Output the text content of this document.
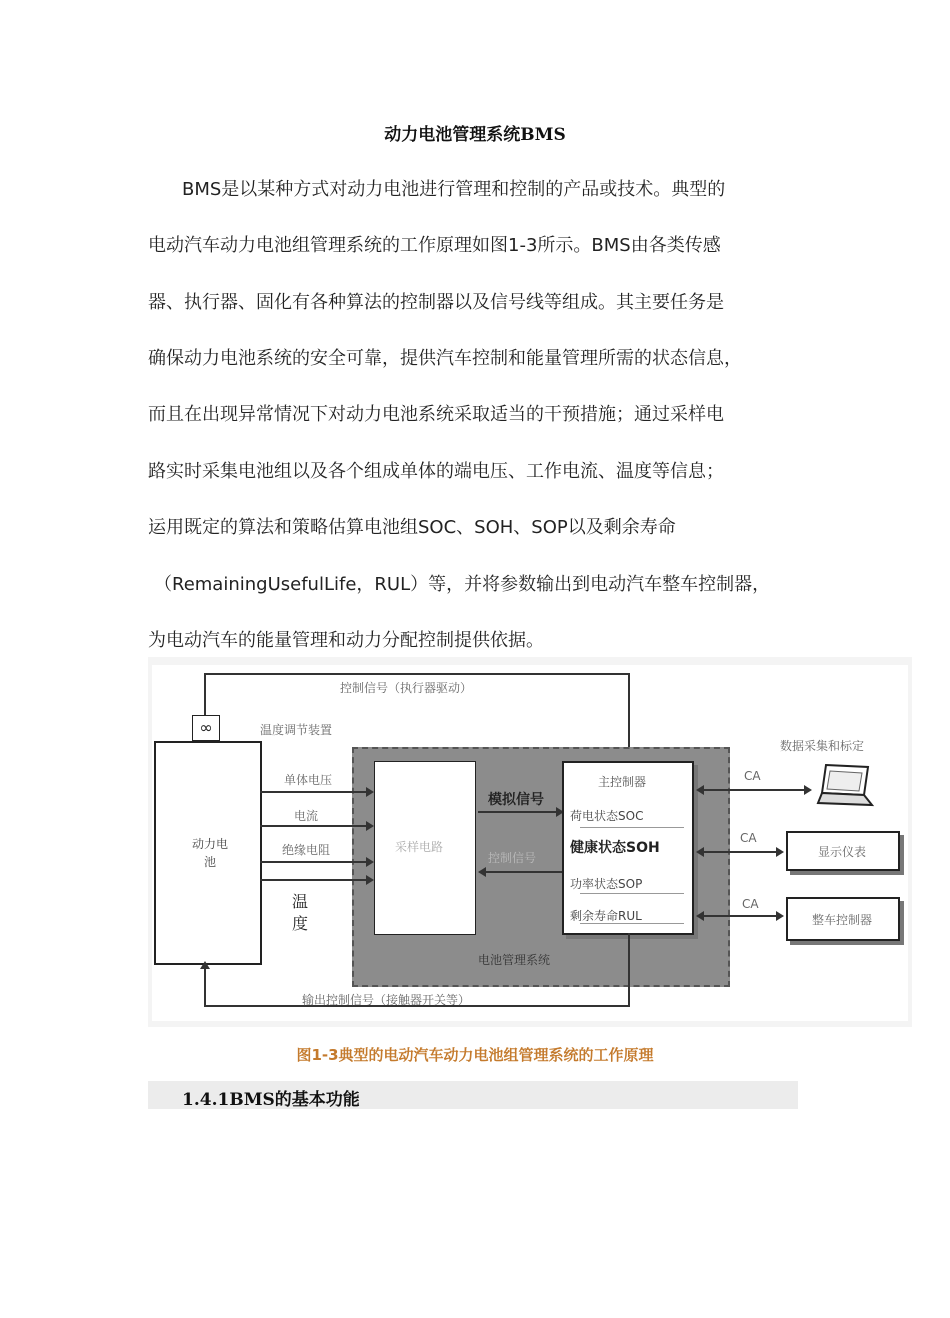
动力电池管理系统BMS
BMS是以某种方式对动力电池进行管理和控制的产品或技术。典型的
电动汽车动力电池组管理系统的工作原理如图1-3所示。BMS由各类传感
器、执行器、固化有各种算法的控制器以及信号线等组成。其主要任务是
确保动力电池系统的安全可靠，提供汽车控制和能量管理所需的状态信息，
而且在出现异常情况下对动力电池系统采取适当的干预措施；通过采样电
路实时采集电池组以及各个组成单体的端电压、工作电流、温度等信息；
运用既定的算法和策略估算电池组SOC、SOH、SOP以及剩余寿命
（RemainingUsefulLife，RUL）等，并将参数输出到电动汽车整车控制器，
为电动汽车的能量管理和动力分配控制提供依据。
控制信号（执行器驱动）
∞	温度调节装置
动力电池
电池管理系统
单体电压
电流
绝缘电阻
温度
采样电路
模拟信号
控制信号
主控制器
荷电状态SOC
健康状态SOH
功率状态SOP
剩余寿命RUL
输出控制信号（接触器开关等）
CA
数据采集和标定
CA
显示仪表
CA
整车控制器
图1-3典型的电动汽车动力电池组管理系统的工作原理
1.4.1BMS的基本功能
